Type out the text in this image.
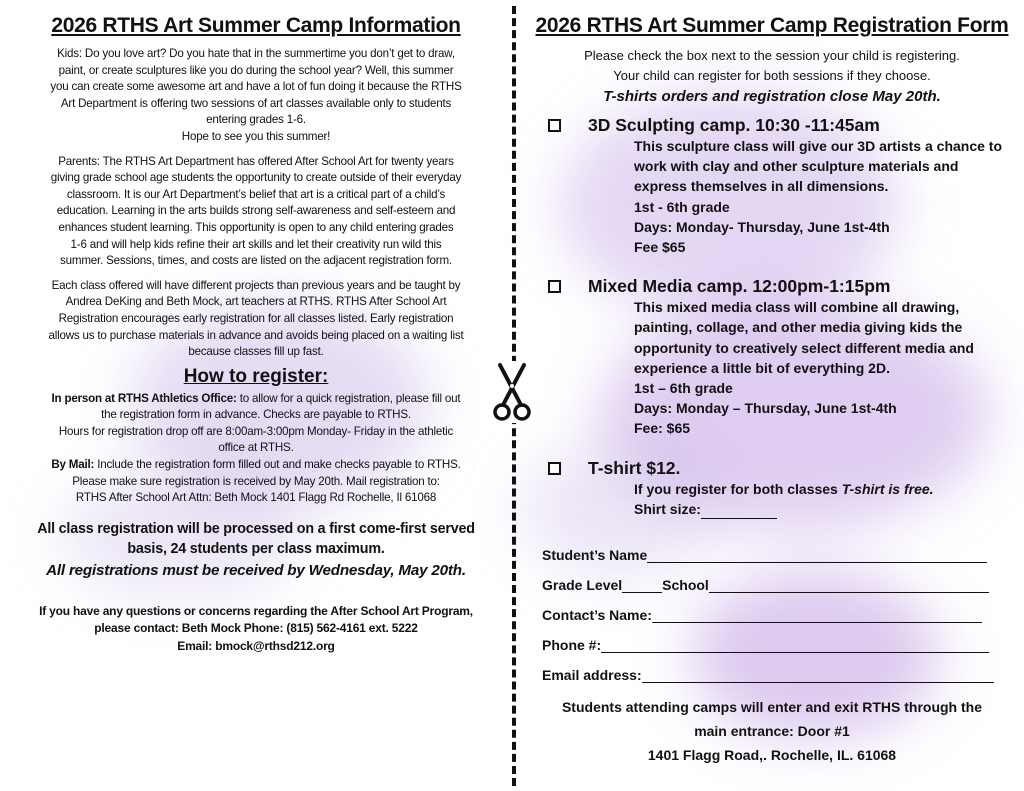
2026 RTHS Art Summer Camp Information

Kids: Do you love art? Do you hate that in the summertime you don’t get to draw,

paint, or create sculptures like you do during the school year? Well, this summer

you can create some awesome art and have a lot of fun doing it because the RTHS

Art Department is offering two sessions of art classes available only to students

entering grades 1-6.

Hope to see you this summer!

Parents: The RTHS Art Department has offered After School Art for twenty years

giving grade school age students the opportunity to create outside of their everyday

classroom. It is our Art Department’s belief that art is a critical part of a child’s

education. Learning in the arts builds strong self-awareness and self-esteem and

enhances student learning. This opportunity is open to any child entering grades

1-6 and will help kids refine their art skills and let their creativity run wild this

summer. Sessions, times, and costs are listed on the adjacent registration form.

Each class offered will have different projects than previous years and be taught by

Andrea DeKing and Beth Mock, art teachers at RTHS. RTHS After School Art

Registration encourages early registration for all classes listed. Early registration

allows us to purchase materials in advance and avoids being placed on a waiting list

because classes fill up fast.

How to register:

In person at RTHS Athletics Office: to allow for a quick registration, please fill out

the registration form in advance. Checks are payable to RTHS.

Hours for registration drop off are 8:00am-3:00pm Monday- Friday in the athletic

office at RTHS.

By Mail: Include the registration form filled out and make checks payable to RTHS.

Please make sure registration is received by May 20th. Mail registration to:

RTHS After School Art Attn: Beth Mock 1401 Flagg Rd Rochelle, Il 61068

All class registration will be processed on a first come-first served

basis, 24 students per class maximum.

All registrations must be received by Wednesday, May 20th.

If you have any questions or concerns regarding the After School Art Program,

please contact: Beth Mock Phone: (815) 562-4161 ext. 5222

Email: bmock@rthsd212.org

2026 RTHS Art Summer Camp Registration Form

Please check the box next to the session your child is registering.

Your child can register for both sessions if they choose.

T-shirts orders and registration close May 20th.

3D Sculpting camp. 10:30 -11:45am
This sculpture class will give our 3D artists a chance to
work with clay and other sculpture materials and
express themselves in all dimensions.
1st - 6th grade
Days: Monday- Thursday, June 1st-4th
Fee $65
Mixed Media camp. 12:00pm-1:15pm
This mixed media class will combine all drawing,
painting, collage, and other media giving kids the
opportunity to creatively select different media and
experience a little bit of everything 2D.
1st – 6th grade
Days: Monday – Thursday, June 1st-4th
Fee: $65
T-shirt $12.
If you register for both classes T-shirt is free.
Shirt size:
Student’s Name
Grade Level	School
Contact’s Name:
Phone #:
Email address:
Students attending camps will enter and exit RTHS through the
main entrance: Door #1
1401 Flagg Road,. Rochelle, IL. 61068
